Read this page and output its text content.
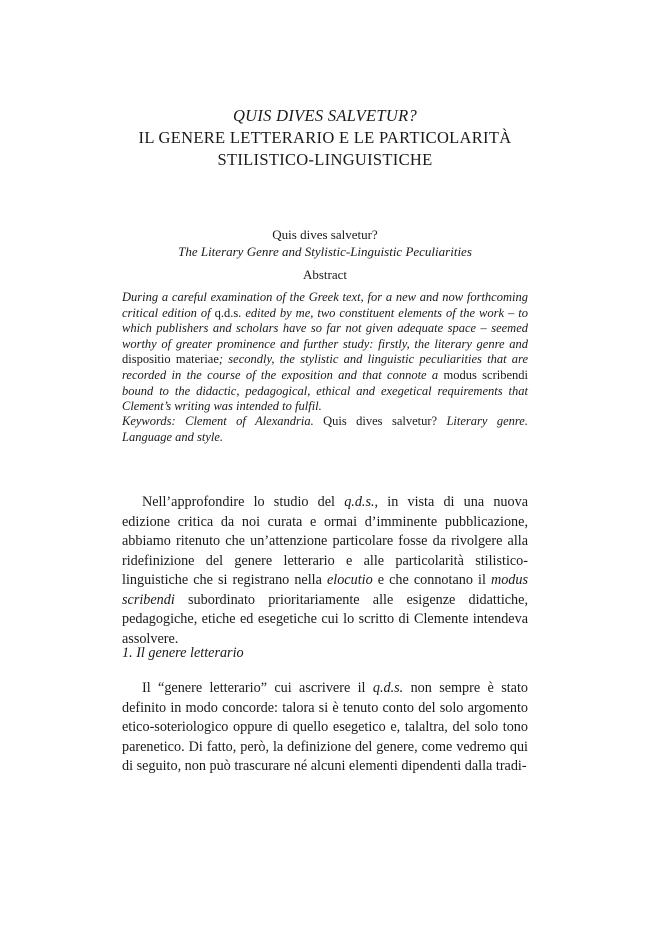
QUIS DIVES SALVETUR?
IL GENERE LETTERARIO E LE PARTICOLARITÀ
STILISTICO-LINGUISTICHE
Quis dives salvetur?
The Literary Genre and Stylistic-Linguistic Peculiarities
Abstract
During a careful examination of the Greek text, for a new and now forthcoming critical edition of q.d.s. edited by me, two constituent elements of the work – to which publishers and scholars have so far not given adequate space – seemed worthy of greater prominence and further study: firstly, the literary genre and dispositio materiae; secondly, the stylistic and linguistic peculiarities that are recorded in the course of the exposition and that connote a modus scribendi bound to the didactic, pedagogical, ethical and exegetical requirements that Clement’s writing was intended to fulfil.
Keywords: Clement of Alexandria. Quis dives salvetur? Literary genre. Language and style.
Nell’approfondire lo studio del q.d.s., in vista di una nuova edizione critica da noi curata e ormai d’imminente pubblicazione, abbiamo ritenuto che un’attenzione particolare fosse da rivolgere alla ridefinizione del genere letterario e alle particolarità stilistico-linguistiche che si registrano nella elocutio e che connotano il modus scribendi subordinato prioritariamente alle esigenze didattiche, pedagogiche, etiche ed esegetiche cui lo scritto di Clemente intendeva assolvere.
1. Il genere letterario
Il “genere letterario” cui ascrivere il q.d.s. non sempre è stato definito in modo concorde: talora si è tenuto conto del solo argomento etico-soteriologico oppure di quello esegetico e, talaltra, del solo tono parenetico. Di fatto, però, la definizione del genere, come vedremo qui di seguito, non può trascurare né alcuni elementi dipendenti dalla tradi-
